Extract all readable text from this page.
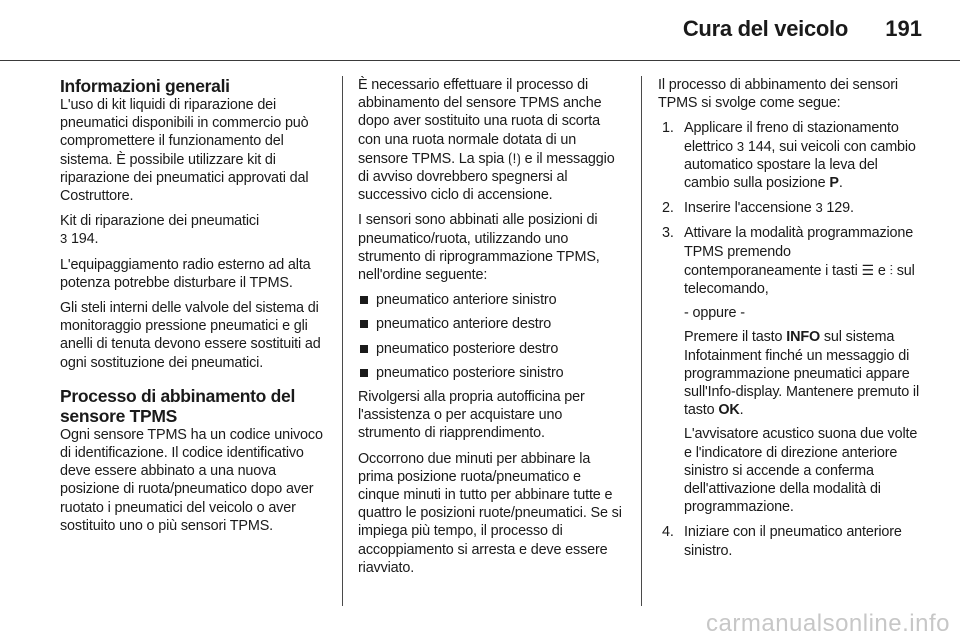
Cura del veicolo 191
Informazioni generali

L'uso di kit liquidi di riparazione dei pneumatici disponibili in commercio può compromettere il funzionamento del sistema. È possibile utilizzare kit di riparazione dei pneumatici approvati dal Costruttore.

Kit di riparazione dei pneumatici
3 194.

L'equipaggiamento radio esterno ad alta potenza potrebbe disturbare il TPMS.

Gli steli interni delle valvole del sistema di monitoraggio pressione pneumatici e gli anelli di tenuta devono essere sostituiti ad ogni sostituzione dei pneumatici.

Processo di abbinamento del sensore TPMS

Ogni sensore TPMS ha un codice univoco di identificazione. Il codice identificativo deve essere abbinato a una nuova posizione di ruota/pneumatico dopo aver ruotato i pneumatici del veicolo o aver sostituito uno o più sensori TPMS.

È necessario effettuare il processo di abbinamento del sensore TPMS anche dopo aver sostituito una ruota di scorta con una ruota normale dotata di un sensore TPMS. La spia ⟮!⟯ e il messaggio di avviso dovrebbero spegnersi al successivo ciclo di accensione.

I sensori sono abbinati alle posizioni di pneumatico/ruota, utilizzando uno strumento di riprogrammazione TPMS, nell'ordine seguente:

pneumatico anteriore sinistro
pneumatico anteriore destro
pneumatico posteriore destro
pneumatico posteriore sinistro

Rivolgersi alla propria autofficina per l'assistenza o per acquistare uno strumento di riapprendimento.

Occorrono due minuti per abbinare la prima posizione ruota/pneumatico e cinque minuti in tutto per abbinare tutte e quattro le posizioni ruote/pneumatici. Se si impiega più tempo, il processo di accoppiamento si arresta e deve essere riavviato.

Il processo di abbinamento dei sensori TPMS si svolge come segue:

1. Applicare il freno di stazionamento elettrico 3 144, sui veicoli con cambio automatico spostare la leva del cambio sulla posizione P.

2. Inserire l'accensione 3 129.

3. Attivare la modalità programmazione TPMS premendo contemporaneamente i tasti ☰ e ⫶ sul telecomando,

- oppure -

Premere il tasto INFO sul sistema Infotainment finché un messaggio di programmazione pneumatici appare sull'Info-display. Mantenere premuto il tasto OK.

L'avvisatore acustico suona due volte e l'indicatore di direzione anteriore sinistro si accende a conferma dell'attivazione della modalità di programmazione.

4. Iniziare con il pneumatico anteriore sinistro.

carmanualsonline.info
